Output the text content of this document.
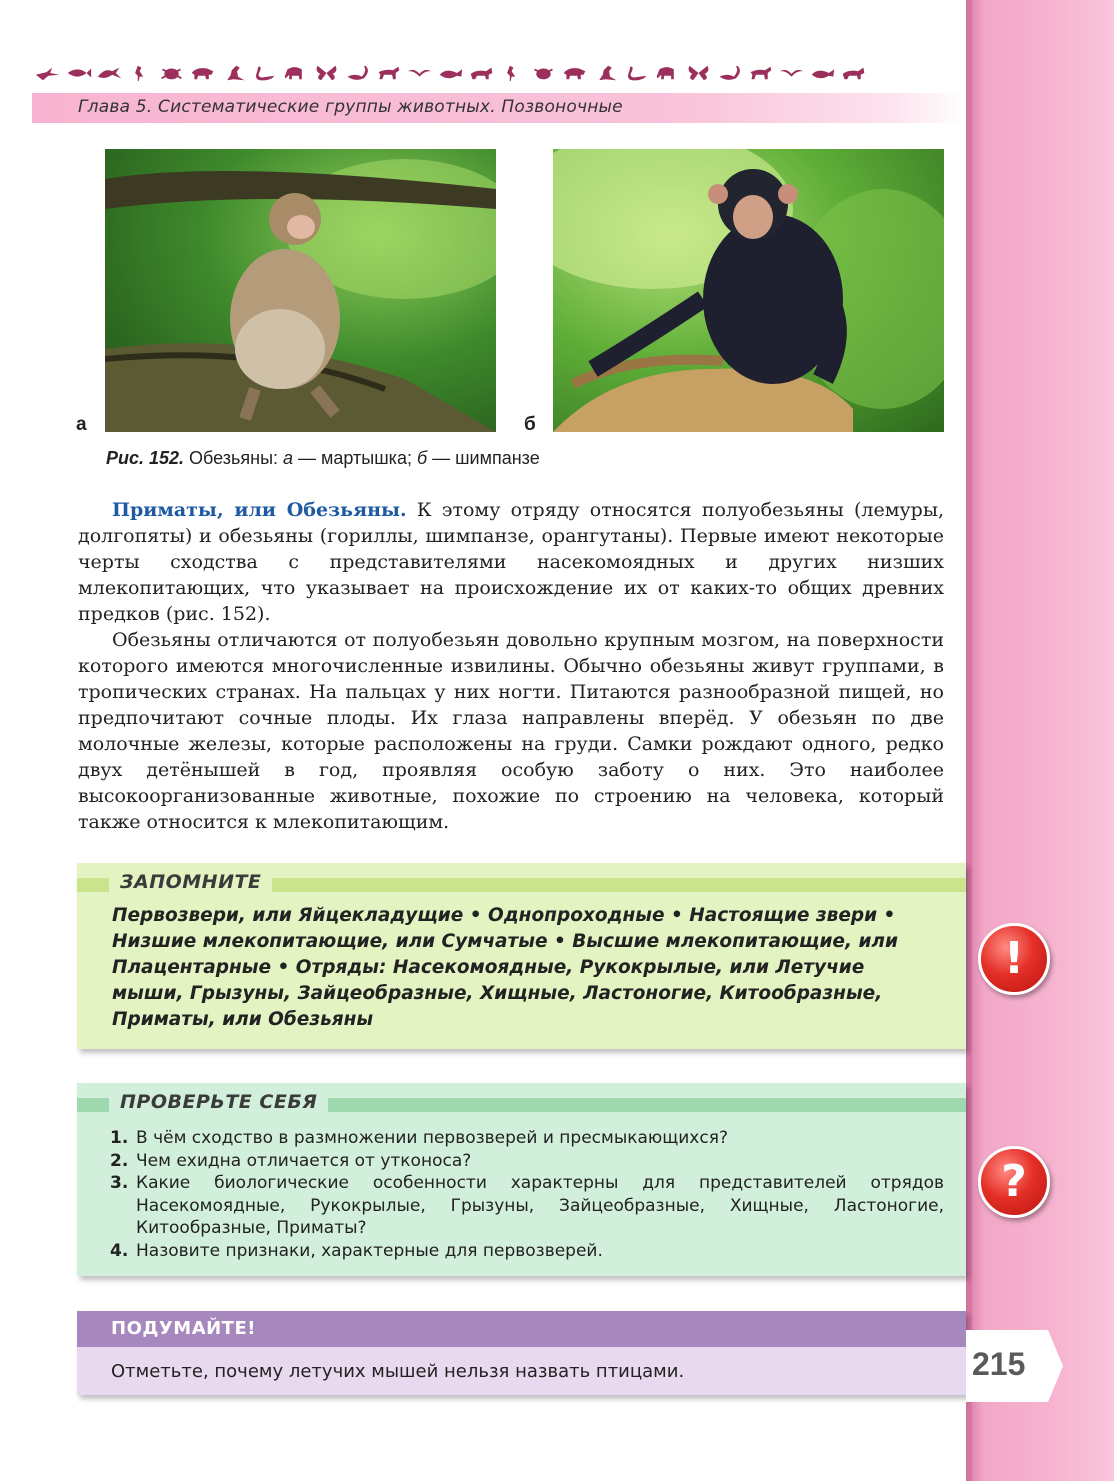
Глава 5. Систематические группы животных. Позвоночные
а	б
Рис. 152. Обезьяны: а — мартышка; б — шимпанзе

Приматы, или Обезьяны. К этому отряду относятся полуобезьяны (лемуры, долгопяты) и обезьяны (гориллы, шимпанзе, орангутаны). Первые имеют некоторые черты сходства с представителями насекомоядных и других низших млекопитающих, что указывает на происхождение их от каких-то общих древних предков (рис. 152).

Обезьяны отличаются от полуобезьян довольно крупным мозгом, на поверхности которого имеются многочисленные извилины. Обычно обезьяны живут группами, в тропических странах. На пальцах у них ногти. Питаются разнообразной пищей, но предпочитают сочные плоды. Их глаза направлены вперёд. У обезьян по две молочные железы, которые расположены на груди. Самки рождают одного, редко двух детёнышей в год, проявляя особую заботу о них. Это наиболее высокоорганизованные животные, похожие по строению на человека, который также относится к млекопитающим.

ЗАПОМНИТЕ
Первозвери, или Яйцекладущие • Однопроходные • Настоящие звери • Низшие млекопитающие, или Сумчатые • Высшие млекопитающие, или Плацентарные • Отряды: Насекомоядные, Рукокрылые, или Летучие мыши, Грызуны, Зайцеобразные, Хищные, Ластоногие, Китообразные, Приматы, или Обезьяны
!
ПРОВЕРЬТЕ СЕБЯ
1. В чём сходство в размножении первозверей и пресмыкающихся?
2. Чем ехидна отличается от утконоса?
3. Какие биологические особенности характерны для представителей отрядов Насекомоядные, Рукокрылые, Грызуны, Зайцеобразные, Хищные, Ластоногие, Китообразные, Приматы?
4. Назовите признаки, характерные для первозверей.
?
ПОДУМАЙТЕ!
Отметьте, почему летучих мышей нельзя назвать птицами.	215
